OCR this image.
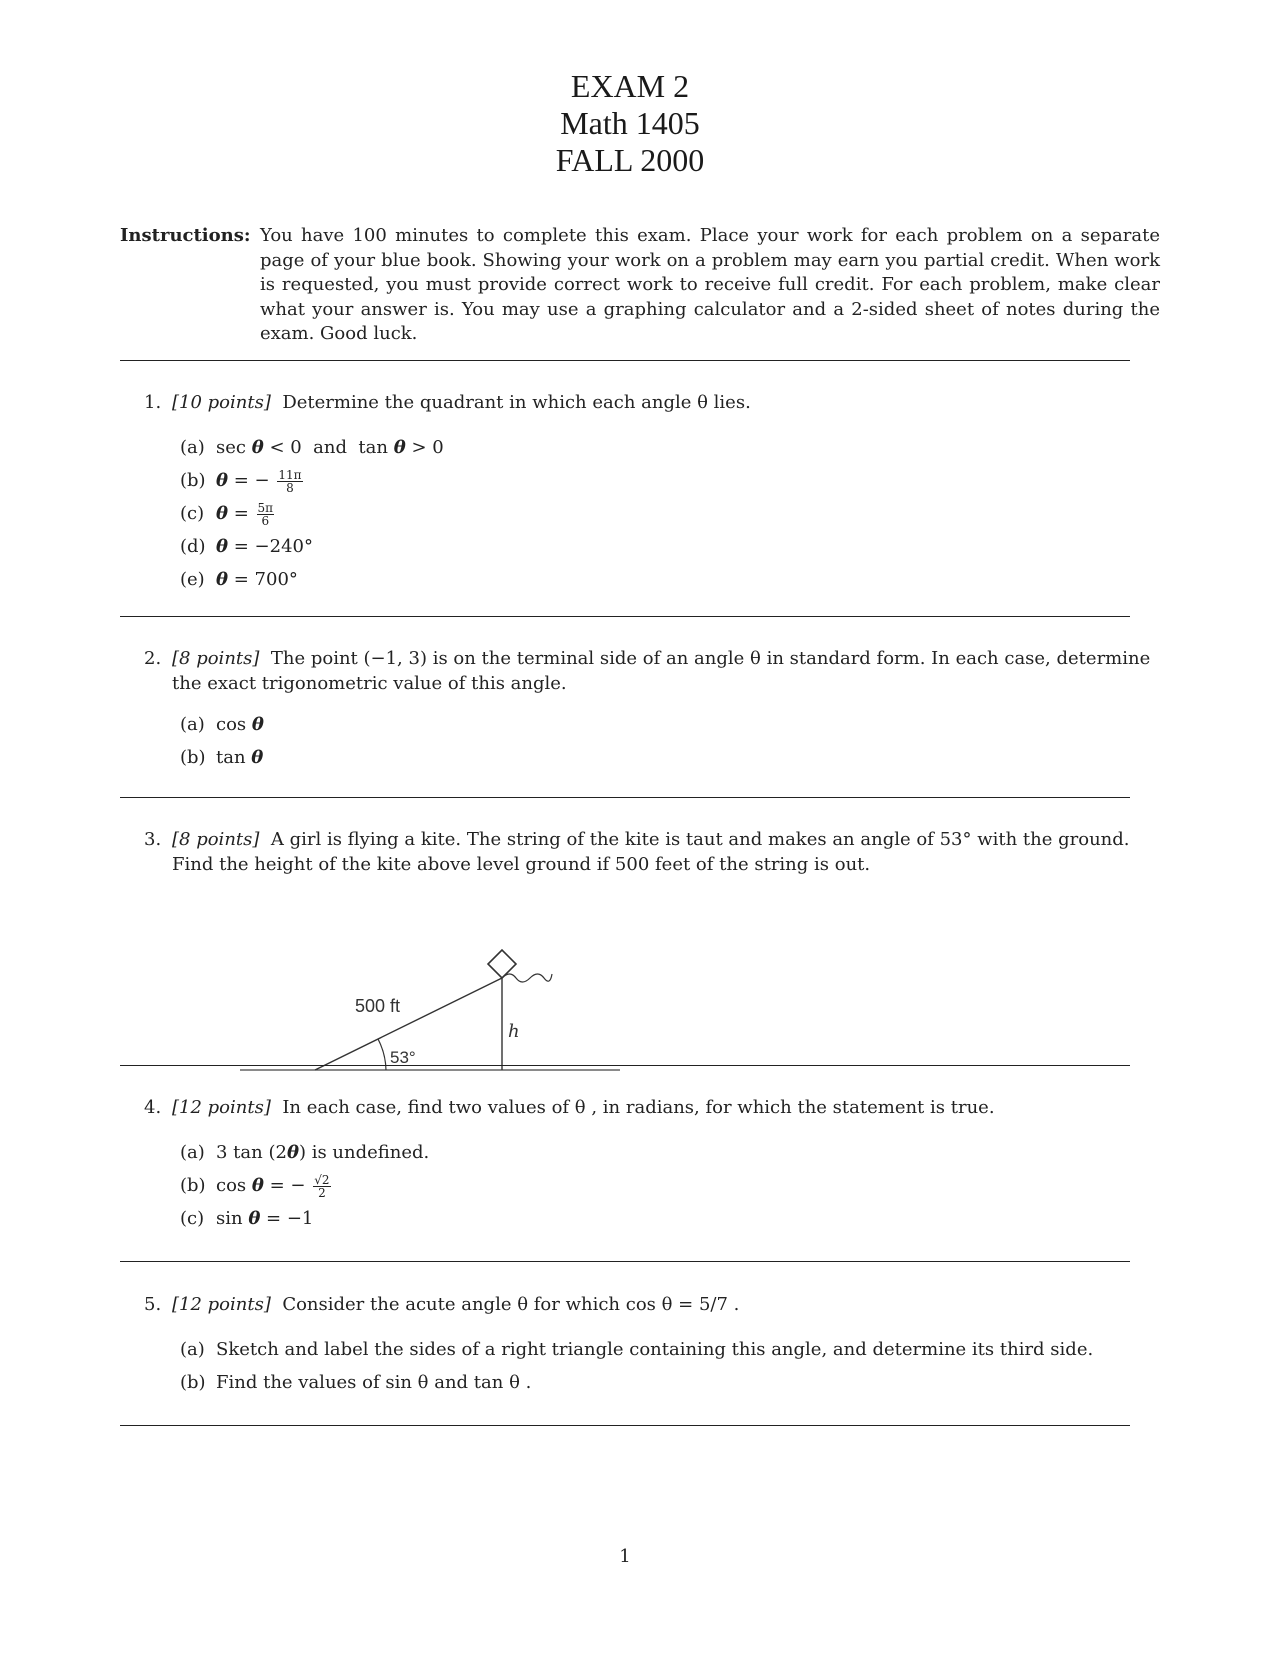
EXAM 2
Math 1405
FALL 2000
Instructions: You have 100 minutes to complete this exam. Place your work for each problem on a separate page of your blue book. Showing your work on a problem may earn you partial credit. When work is requested, you must provide correct work to receive full credit. For each problem, make clear what your answer is. You may use a graphing calculator and a 2-sided sheet of notes during the exam. Good luck.
1. [10 points] Determine the quadrant in which each angle θ lies.
(a) sec θ < 0  and  tan θ > 0
(b) θ = − $\frac{11\pi}{8}$
(c) $\theta = \frac{5\pi}{6}$
(d) θ = −240°
(e) θ = 700°
2. [8 points] The point (−1, 3) is on the terminal side of an angle θ in standard form. In each case, determine the exact trigonometric value of this angle.
(a) cos θ
(b) tan θ
3. [8 points] A girl is flying a kite. The string of the kite is taut and makes an angle of 53° with the ground. Find the height of the kite above level ground if 500 feet of the string is out.
500 ft
53°
h
4. [12 points] In each case, find two values of θ , in radians, for which the statement is true.
(a) 3 tan (2θ) is undefined.
(b) cos θ = − $\frac{√2}{2}$
(c) sin θ = −1
5. [12 points] Consider the acute angle θ for which cos θ = 5/7 .
(a) Sketch and label the sides of a right triangle containing this angle, and determine its third side.
(b) Find the values of sin θ and tan θ .
1
